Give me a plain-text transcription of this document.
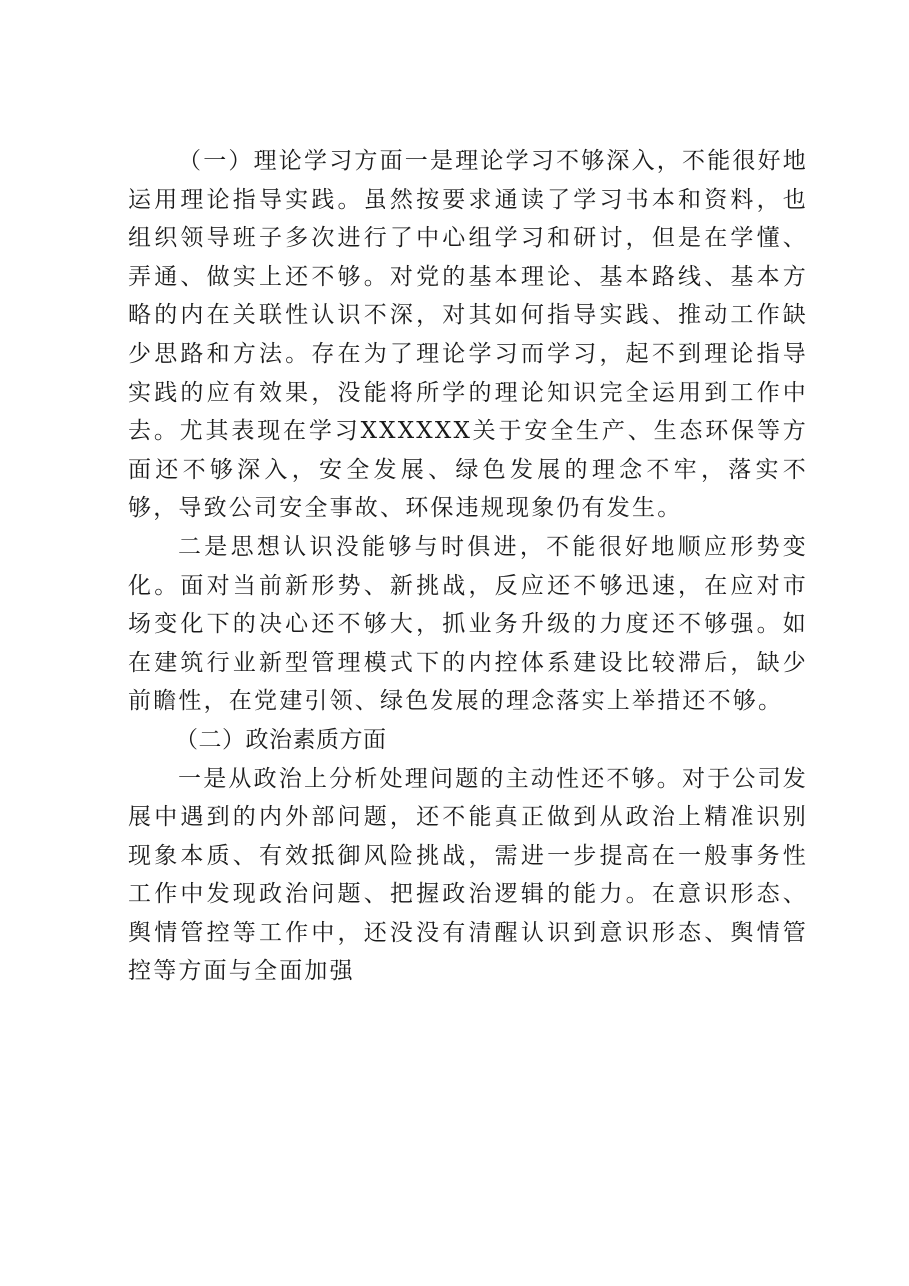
（一）理论学习方面一是理论学习不够深入，不能很好地运用理论指导实践。虽然按要求通读了学习书本和资料，也组织领导班子多次进行了中心组学习和研讨，但是在学懂、弄通、做实上还不够。对党的基本理论、基本路线、基本方略的内在关联性认识不深，对其如何指导实践、推动工作缺少思路和方法。存在为了理论学习而学习，起不到理论指导实践的应有效果，没能将所学的理论知识完全运用到工作中去。尤其表现在学习XXXXXX关于安全生产、生态环保等方面还不够深入，安全发展、绿色发展的理念不牢，落实不够，导致公司安全事故、环保违规现象仍有发生。

二是思想认识没能够与时俱进，不能很好地顺应形势变化。面对当前新形势、新挑战，反应还不够迅速，在应对市场变化下的决心还不够大，抓业务升级的力度还不够强。如在建筑行业新型管理模式下的内控体系建设比较滞后，缺少前瞻性，在党建引领、绿色发展的理念落实上举措还不够。

（二）政治素质方面

一是从政治上分析处理问题的主动性还不够。对于公司发展中遇到的内外部问题，还不能真正做到从政治上精准识别现象本质、有效抵御风险挑战，需进一步提高在一般事务性工作中发现政治问题、把握政治逻辑的能力。在意识形态、舆情管控等工作中，还没没有清醒认识到意识形态、舆情管控等方面与全面加强
